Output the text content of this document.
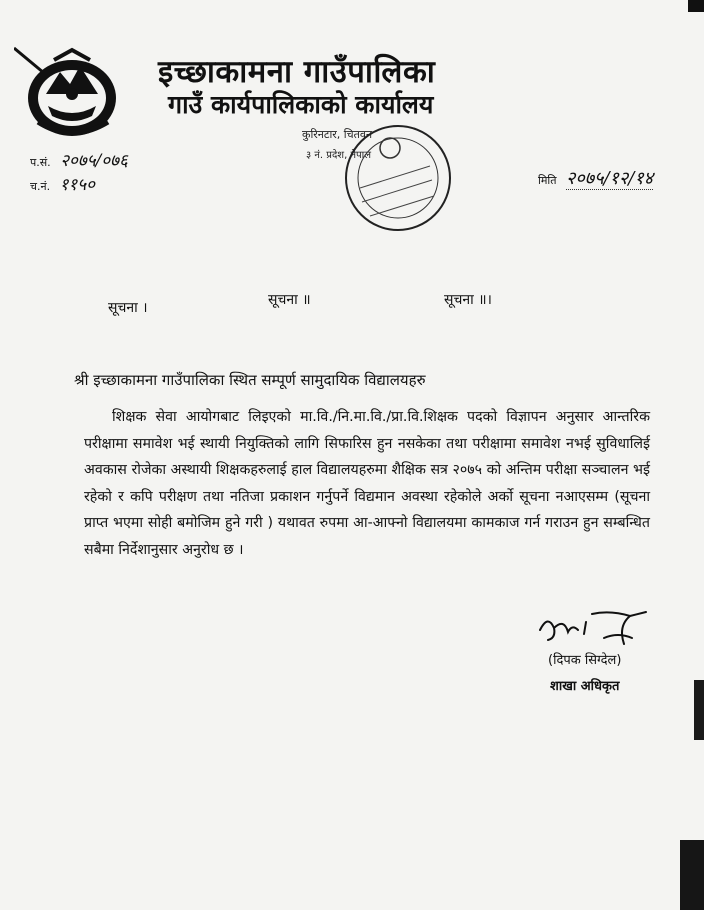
इच्छाकामना गाउँपालिका
गाउँ कार्यपालिकाको कार्यालय
प.सं. २०७५/०७६
च.नं. ११५०	मिति २०७५/१२/१४
कुरिनटार, चितवन
३ नं. प्रदेश, नेपाल
सूचना ।	सूचना ॥	सूचना ॥।
श्री इच्छाकामना गाउँपालिका स्थित सम्पूर्ण सामुदायिक विद्यालयहरु

शिक्षक सेवा आयोगबाट लिइएको मा.वि./नि.मा.वि./प्रा.वि.शिक्षक पदको विज्ञापन अनुसार आन्तरिक परीक्षामा समावेश भई स्थायी नियुक्तिको लागि सिफारिस हुन नसकेका तथा परीक्षामा समावेश नभई सुविधालिई अवकास रोजेका अस्थायी शिक्षकहरुलाई हाल विद्यालयहरुमा शैक्षिक सत्र २०७५ को अन्तिम परीक्षा सञ्चालन भई रहेको र कपि परीक्षण तथा नतिजा प्रकाशन गर्नुपर्ने विद्यमान अवस्था रहेकोले अर्को सूचना नआएसम्म (सूचना प्राप्त भएमा सोही बमोजिम हुने गरी ) यथावत रुपमा आ-आफ्नो विद्यालयमा कामकाज गर्न गराउन हुन सम्बन्धित सबैमा निर्देशानुसार अनुरोध छ ।

(दिपक सिग्देल)
शाखा अधिकृत
